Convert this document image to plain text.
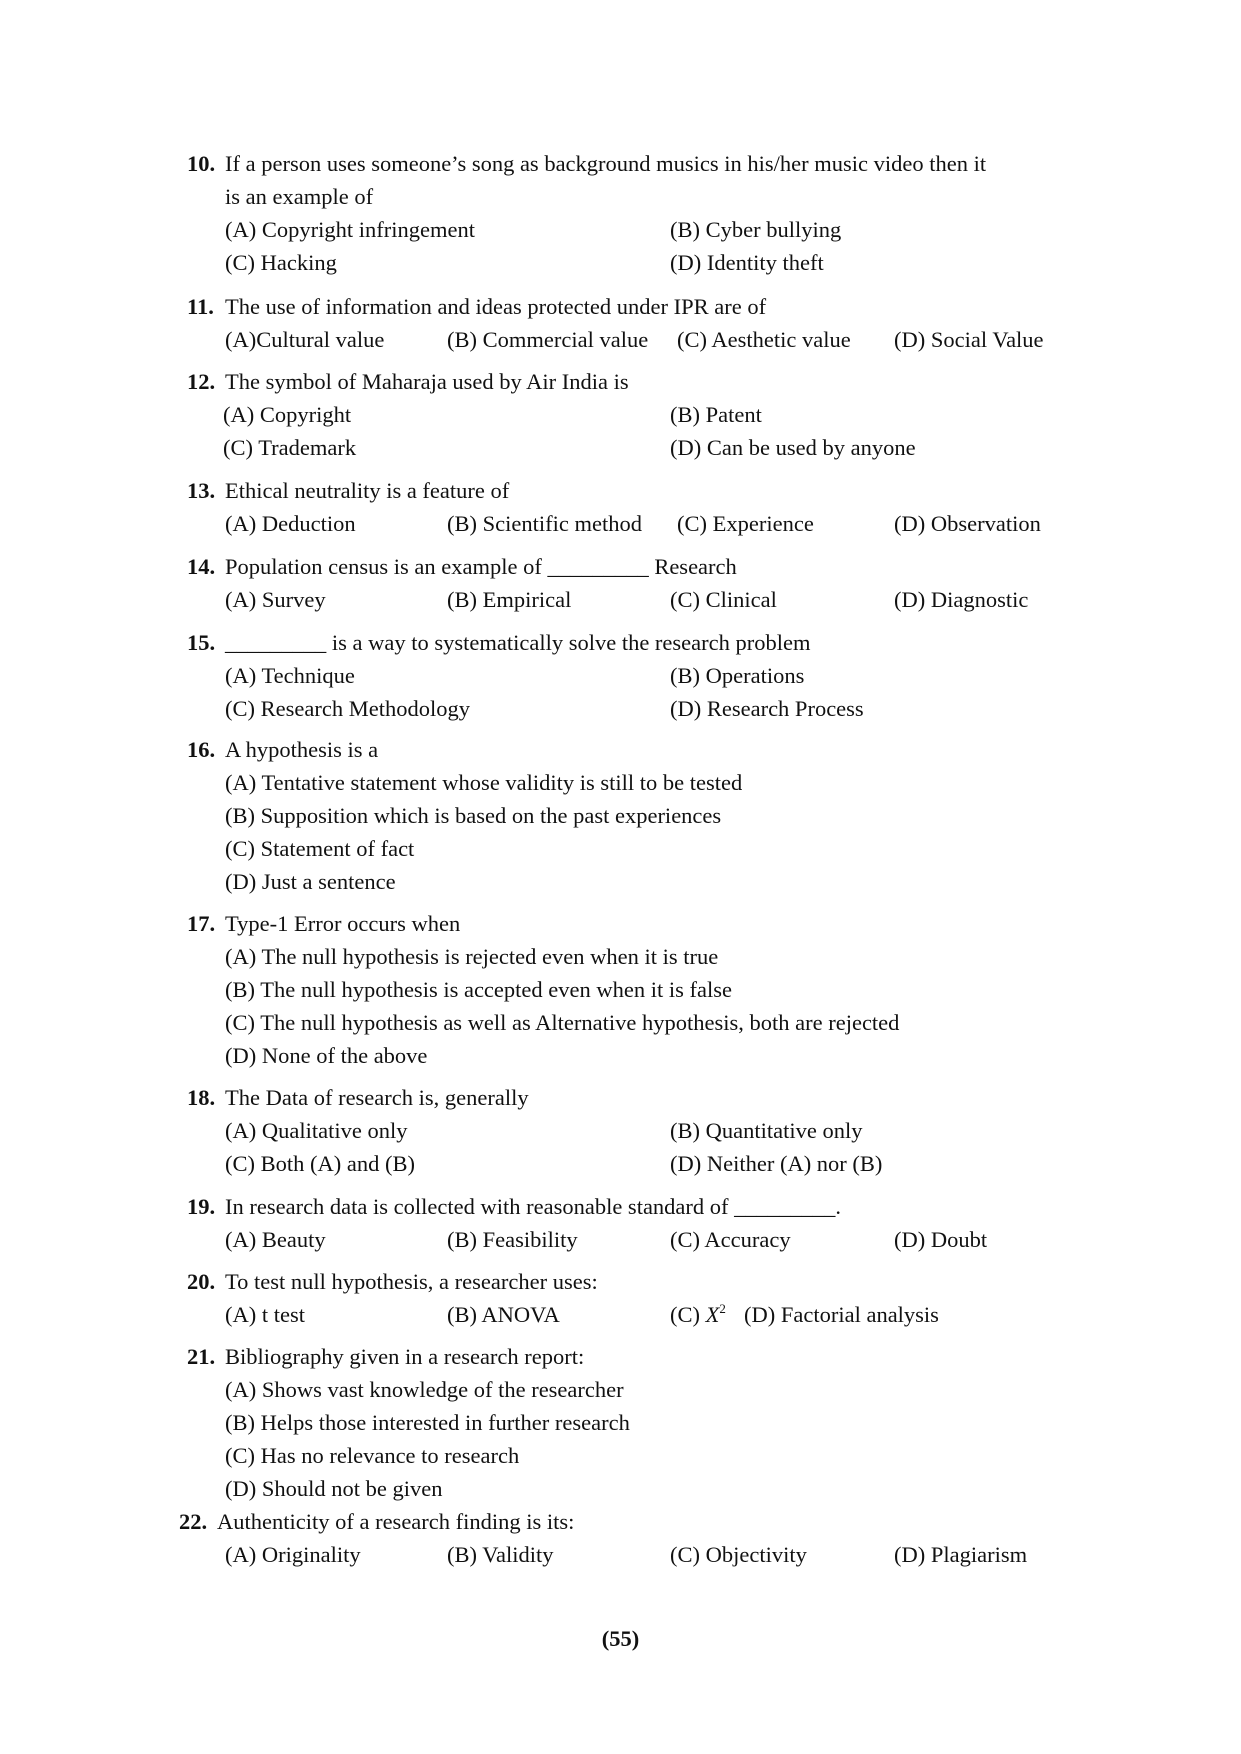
10. If a person uses someone’s song as background musics in his/her music video then it
is an example of
(A) Copyright infringement	(B) Cyber bullying
(C) Hacking	(D) Identity theft
11. The use of information and ideas protected under IPR are of
(A)Cultural value	(B) Commercial value (C) Aesthetic value (D) Social Value
12. The symbol of Maharaja used by Air India is
(A) Copyright	(B) Patent
(C) Trademark	(D) Can be used by anyone
13. Ethical neutrality is a feature of
(A) Deduction	(B) Scientific method (C) Experience	(D) Observation
14. Population census is an example of _________ Research
(A) Survey	(B) Empirical	(C) Clinical	(D) Diagnostic
15. _________ is a way to systematically solve the research problem
(A) Technique	(B) Operations
(C) Research Methodology	(D) Research Process
16. A hypothesis is a
(A) Tentative statement whose validity is still to be tested
(B) Supposition which is based on the past experiences
(C) Statement of fact
(D) Just a sentence
17. Type-1 Error occurs when
(A) The null hypothesis is rejected even when it is true
(B) The null hypothesis is accepted even when it is false
(C) The null hypothesis as well as Alternative hypothesis, both are rejected
(D) None of the above
18. The Data of research is, generally
(A) Qualitative only	(B) Quantitative only
(C) Both (A) and (B)	(D) Neither (A) nor (B)
19. In research data is collected with reasonable standard of _________.
(A) Beauty	(B) Feasibility	(C) Accuracy	(D) Doubt
20. To test null hypothesis, a researcher uses:
(A) t test	(B) ANOVA	(C) $X^2$ (D) Factorial analysis
21. Bibliography given in a research report:
(A) Shows vast knowledge of the researcher
(B) Helps those interested in further research
(C) Has no relevance to research
(D) Should not be given
22. Authenticity of a research finding is its:
(A) Originality	(B) Validity	(C) Objectivity	(D) Plagiarism
(55)
